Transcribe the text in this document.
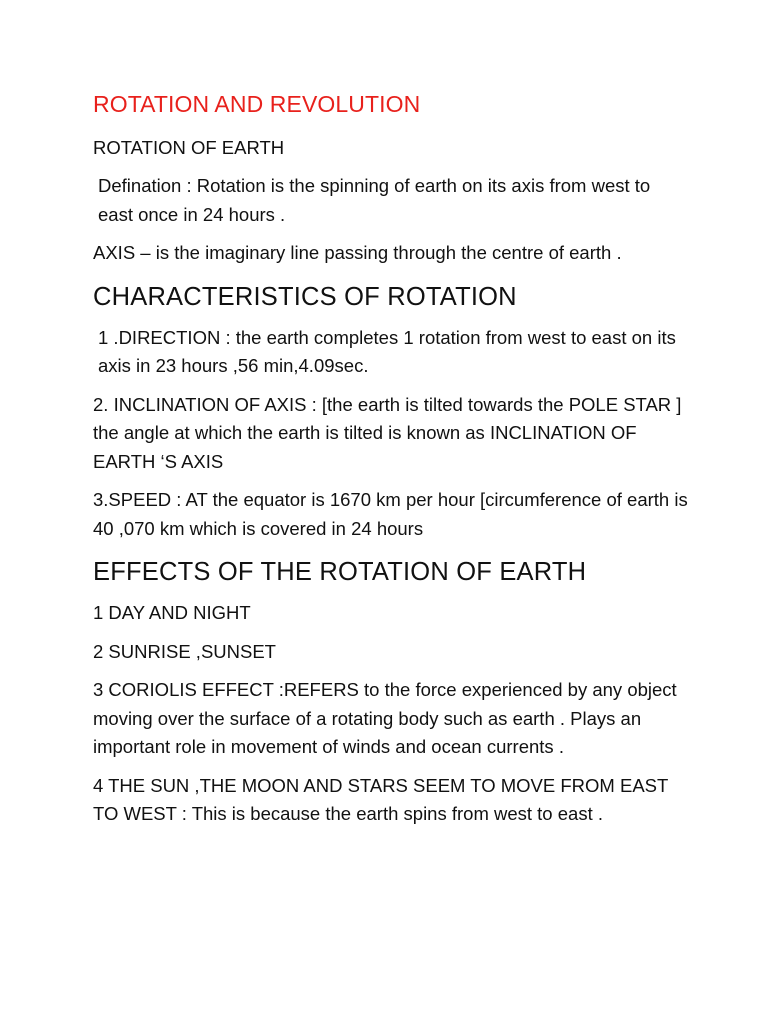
ROTATION AND REVOLUTION

ROTATION OF EARTH

Defination : Rotation is the spinning of earth on its axis from west to east once in 24 hours .

AXIS – is the imaginary line passing through the centre of earth .

CHARACTERISTICS OF ROTATION

1 .DIRECTION : the earth completes 1 rotation from west to east on its axis in 23 hours ,56 min,4.09sec.

2. INCLINATION OF AXIS : [the earth is tilted towards the POLE STAR ] the angle at which the earth is tilted is known as INCLINATION OF EARTH ‘S AXIS

3.SPEED : AT the equator is 1670 km per hour [circumference of earth is 40 ,070 km which is covered in 24 hours

EFFECTS OF THE ROTATION OF EARTH

1 DAY AND NIGHT

2 SUNRISE ,SUNSET

3 CORIOLIS EFFECT :REFERS to the force experienced by any object moving over the surface of a rotating body such as earth . Plays an important role in movement of winds and ocean currents .

4 THE SUN ,THE MOON AND STARS SEEM TO MOVE FROM EAST TO WEST : This is because the earth spins from west to east .
